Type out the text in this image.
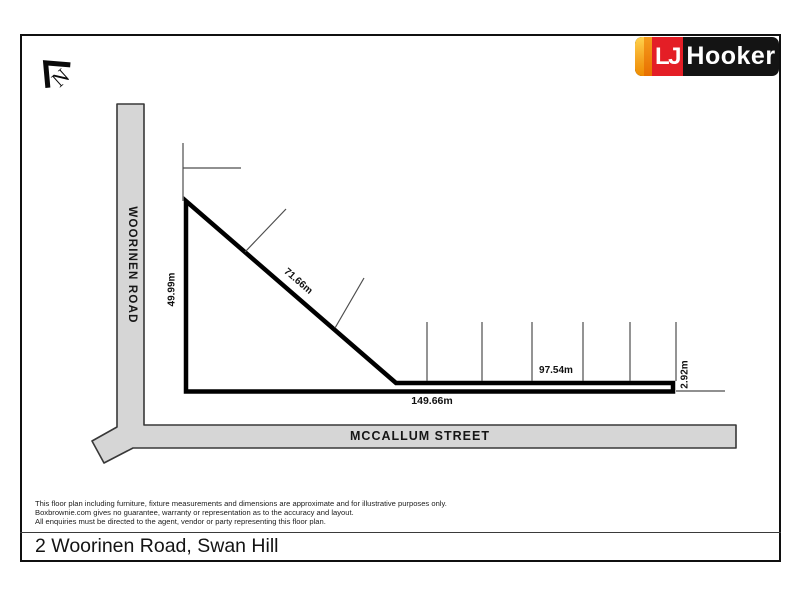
N
LJ Hooker
WOORINEN ROAD
MCCALLUM STREET
49.99m	71.66m
149.66m
97.54m	2.92m
This floor plan including furniture, fixture measurements and dimensions are approximate and for illustrative purposes only.
Boxbrownie.com gives no guarantee, warranty or representation as to the accuracy and layout.
All enquiries must be directed to the agent, vendor or party representing this floor plan.
2 Woorinen Road, Swan Hill
